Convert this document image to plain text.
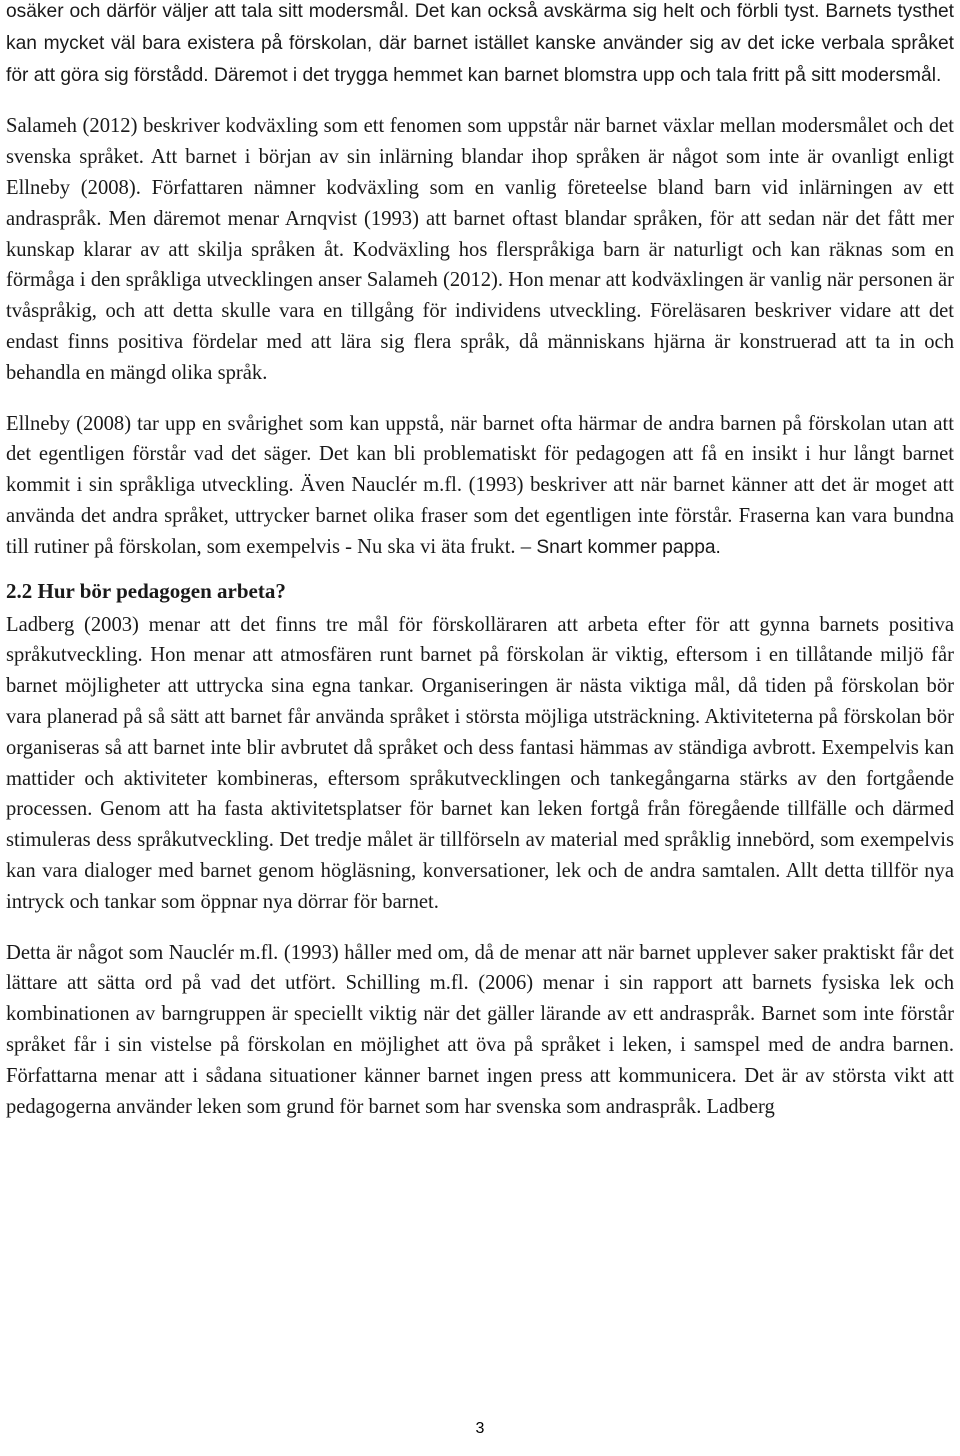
osäker och därför väljer att tala sitt modersmål. Det kan också avskärma sig helt och förbli tyst. Barnets tysthet kan mycket väl bara existera på förskolan, där barnet istället kanske använder sig av det icke verbala språket för att göra sig förstådd. Däremot i det trygga hemmet kan barnet blomstra upp och tala fritt på sitt modersmål.

Salameh (2012) beskriver kodväxling som ett fenomen som uppstår när barnet växlar mellan modersmålet och det svenska språket. Att barnet i början av sin inlärning blandar ihop språken är något som inte är ovanligt enligt Ellneby (2008). Författaren nämner kodväxling som en vanlig företeelse bland barn vid inlärningen av ett andraspråk. Men däremot menar Arnqvist (1993) att barnet oftast blandar språken, för att sedan när det fått mer kunskap klarar av att skilja språken åt. Kodväxling hos flerspråkiga barn är naturligt och kan räknas som en förmåga i den språkliga utvecklingen anser Salameh (2012). Hon menar att kodväxlingen är vanlig när personen är tvåspråkig, och att detta skulle vara en tillgång för individens utveckling. Föreläsaren beskriver vidare att det endast finns positiva fördelar med att lära sig flera språk, då människans hjärna är konstruerad att ta in och behandla en mängd olika språk.

Ellneby (2008) tar upp en svårighet som kan uppstå, när barnet ofta härmar de andra barnen på förskolan utan att det egentligen förstår vad det säger. Det kan bli problematiskt för pedagogen att få en insikt i hur långt barnet kommit i sin språkliga utveckling. Även Nauclér m.fl. (1993) beskriver att när barnet känner att det är moget att använda det andra språket, uttrycker barnet olika fraser som det egentligen inte förstår. Fraserna kan vara bundna till rutiner på förskolan, som exempelvis - Nu ska vi äta frukt. – Snart kommer pappa.

2.2 Hur bör pedagogen arbeta?

Ladberg (2003) menar att det finns tre mål för förskolläraren att arbeta efter för att gynna barnets positiva språkutveckling. Hon menar att atmosfären runt barnet på förskolan är viktig, eftersom i en tillåtande miljö får barnet möjligheter att uttrycka sina egna tankar. Organiseringen är nästa viktiga mål, då tiden på förskolan bör vara planerad på så sätt att barnet får använda språket i största möjliga utsträckning. Aktiviteterna på förskolan bör organiseras så att barnet inte blir avbrutet då språket och dess fantasi hämmas av ständiga avbrott. Exempelvis kan mattider och aktiviteter kombineras, eftersom språkutvecklingen och tankegångarna stärks av den fortgående processen. Genom att ha fasta aktivitetsplatser för barnet kan leken fortgå från föregående tillfälle och därmed stimuleras dess språkutveckling. Det tredje målet är tillförseln av material med språklig innebörd, som exempelvis kan vara dialoger med barnet genom högläsning, konversationer, lek och de andra samtalen. Allt detta tillför nya intryck och tankar som öppnar nya dörrar för barnet.

Detta är något som Nauclér m.fl. (1993) håller med om, då de menar att när barnet upplever saker praktiskt får det lättare att sätta ord på vad det utfört. Schilling m.fl. (2006) menar i sin rapport att barnets fysiska lek och kombinationen av barngruppen är speciellt viktig när det gäller lärande av ett andraspråk. Barnet som inte förstår språket får i sin vistelse på förskolan en möjlighet att öva på språket i leken, i samspel med de andra barnen. Författarna menar att i sådana situationer känner barnet ingen press att kommunicera. Det är av största vikt att pedagogerna använder leken som grund för barnet som har svenska som andraspråk. Ladberg

3
